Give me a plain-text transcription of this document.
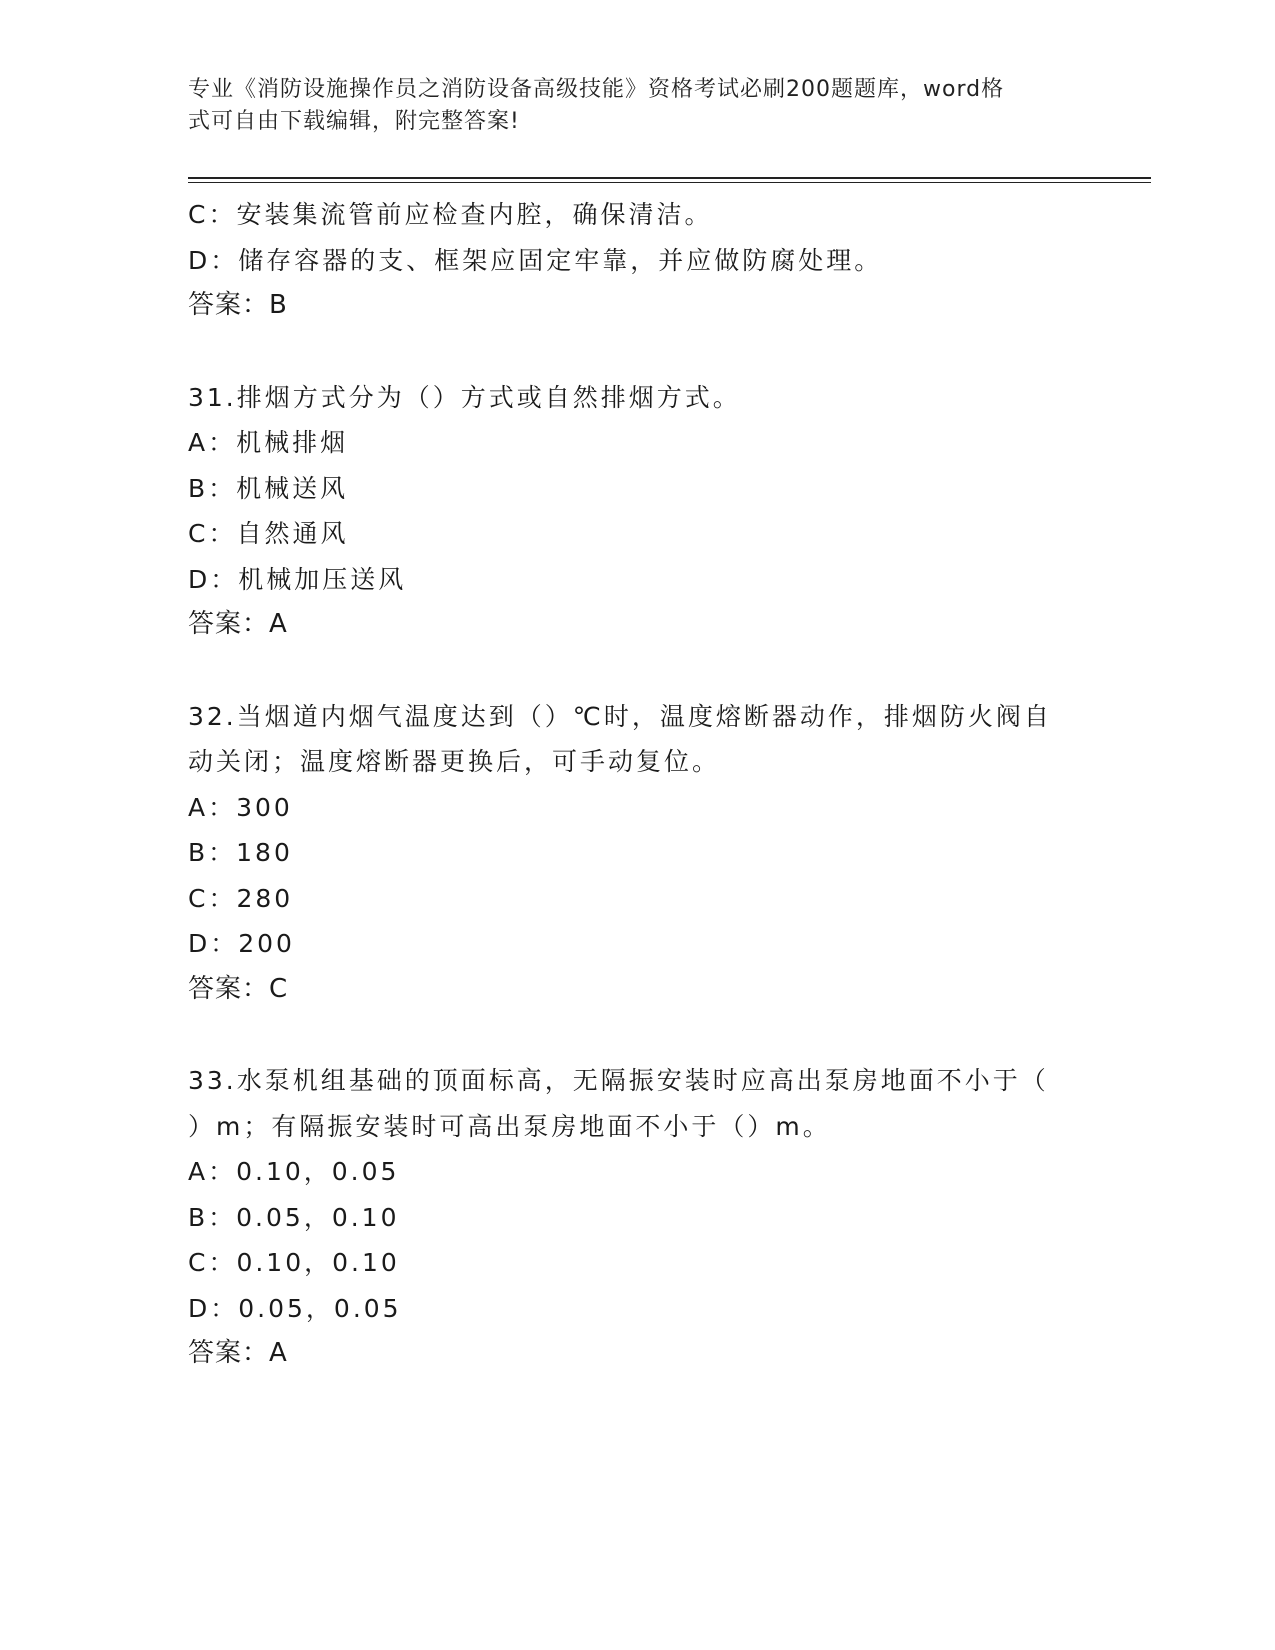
专业《消防设施操作员之消防设备高级技能》资格考试必刷200题题库，word格
式可自由下载编辑，附完整答案!
C：安装集流管前应检查内腔，确保清洁。
D：储存容器的支、框架应固定牢靠，并应做防腐处理。
答案：B
31.排烟方式分为（）方式或自然排烟方式。
A：机械排烟
B：机械送风
C：自然通风
D：机械加压送风
答案：A
32.当烟道内烟气温度达到（）℃时，温度熔断器动作，排烟防火阀自
动关闭；温度熔断器更换后，可手动复位。
A：300
B：180
C：280
D：200
答案：C
33.水泵机组基础的顶面标高，无隔振安装时应高出泵房地面不小于（
）m；有隔振安装时可高出泵房地面不小于（）m。
A：0.10，0.05
B：0.05，0.10
C：0.10，0.10
D：0.05，0.05
答案：A
